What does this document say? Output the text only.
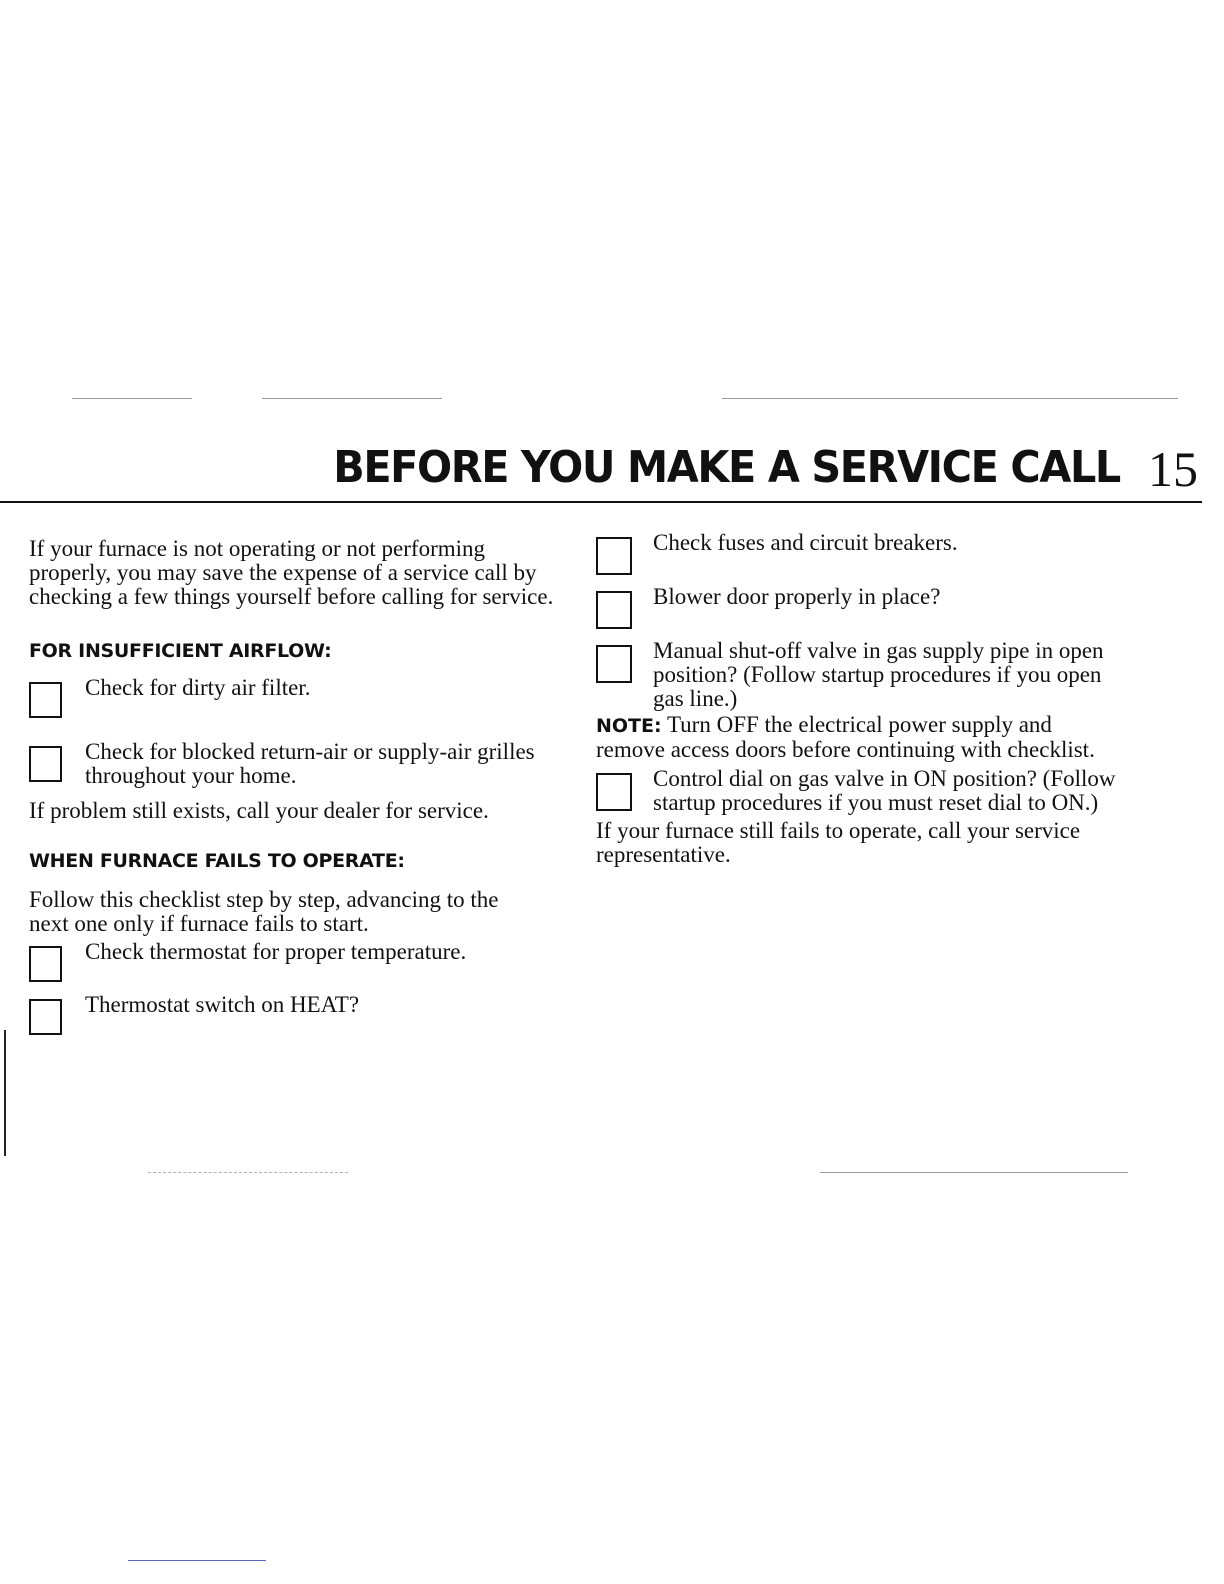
BEFORE YOU MAKE A SERVICE CALL 15

If your furnace is not operating or not performing properly, you may save the expense of a service call by checking a few things yourself before calling for service.

FOR INSUFFICIENT AIRFLOW:
Check for dirty air filter.
Check for blocked return-air or supply-air grilles throughout your home.

If problem still exists, call your dealer for service.

WHEN FURNACE FAILS TO OPERATE:

Follow this checklist step by step, advancing to the next one only if furnace fails to start.

Check thermostat for proper temperature.
Thermostat switch on HEAT?
Check fuses and circuit breakers.
Blower door properly in place?
Manual shut-off valve in gas supply pipe in open position? (Follow startup procedures if you open gas line.)

NOTE: Turn OFF the electrical power supply and remove access doors before continuing with checklist.

Control dial on gas valve in ON position? (Follow startup procedures if you must reset dial to ON.)

If your furnace still fails to operate, call your service representative.
